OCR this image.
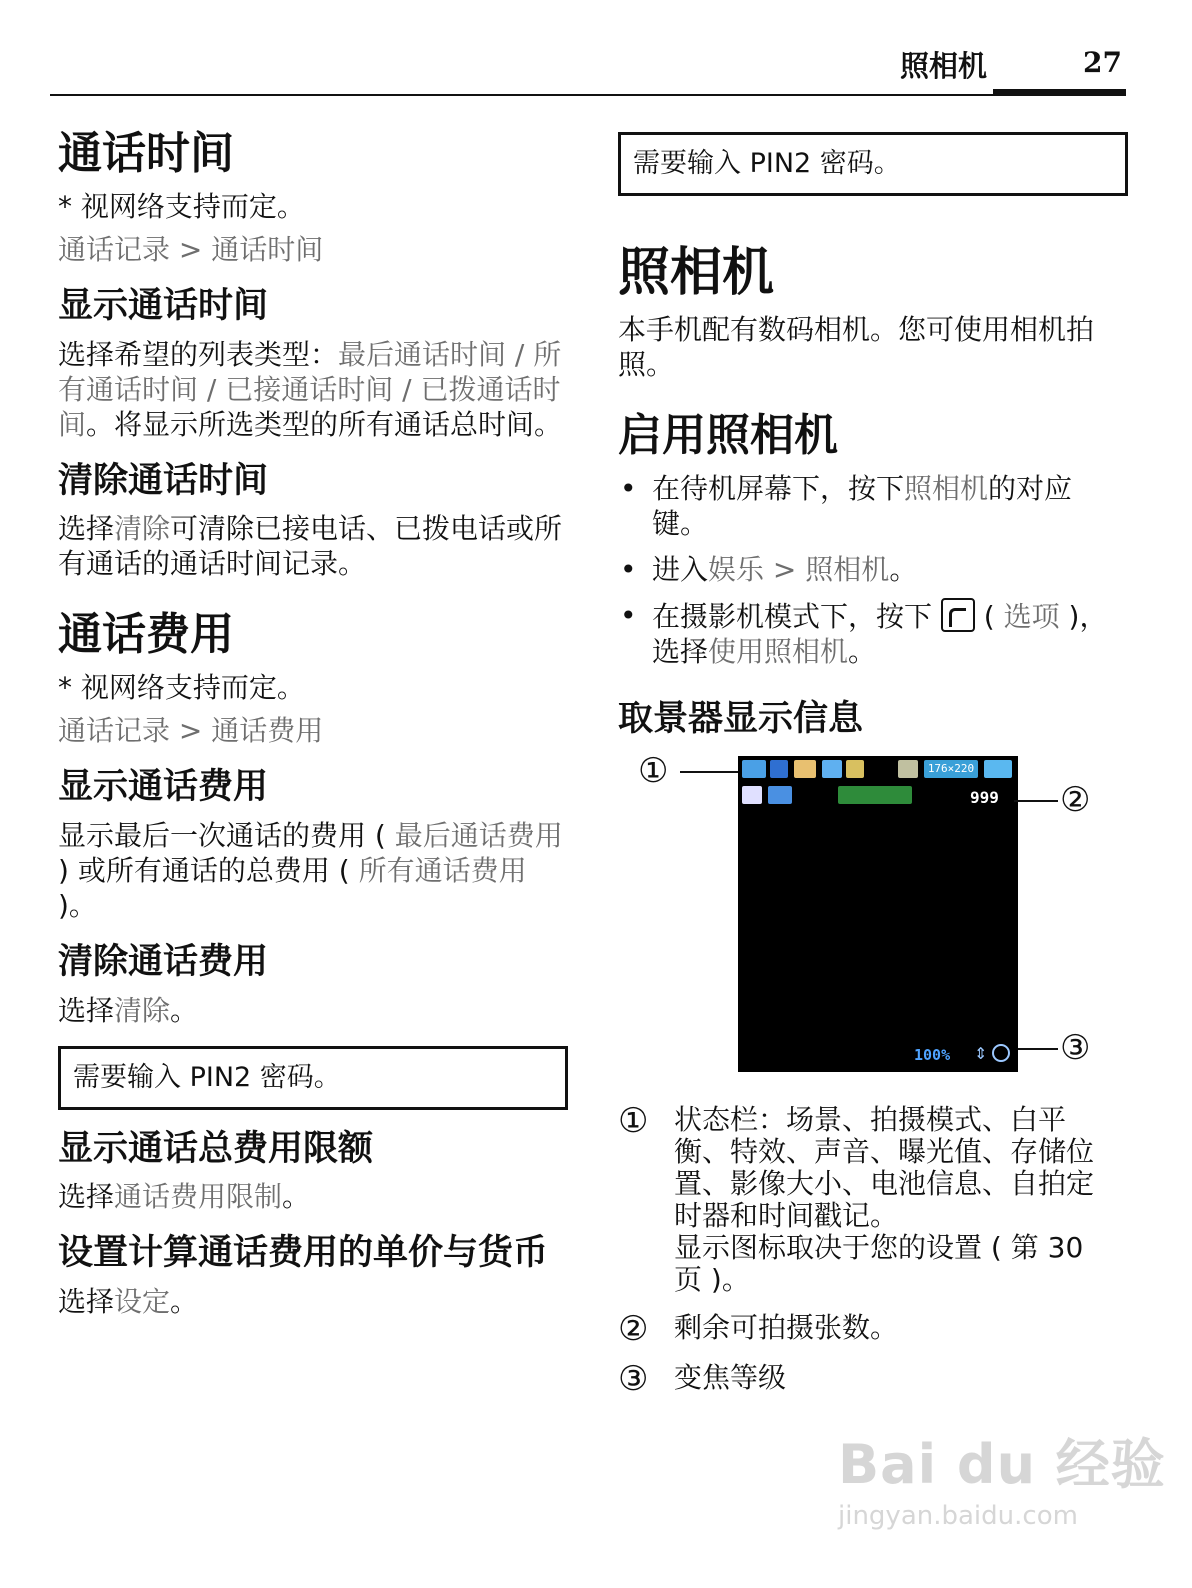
照相机	27
通话时间

* 视网络支持而定。

通话记录 > 通话时间

显示通话时间

选择希望的列表类型：最后通话时间 / 所有通话时间 / 已接通话时间 / 已拨通话时间。将显示所选类型的所有通话总时间。

清除通话时间

选择清除可清除已接电话、已拨电话或所有通话的通话时间记录。

通话费用

* 视网络支持而定。

通话记录 > 通话费用

显示通话费用

显示最后一次通话的费用 ( 最后通话费用 ) 或所有通话的总费用 ( 所有通话费用 )。

清除通话费用

选择清除。

需要输入 PIN2 密码。
显示通话总费用限额

选择通话费用限制。

设置计算通话费用的单价与货币

选择设定。

需要输入 PIN2 密码。
照相机

本手机配有数码相机。您可使用相机拍照。

启用照相机
• 在待机屏幕下，按下照相机的对应键。
• 进入娱乐 > 照相机。
• 在摄影机模式下，按下  ( 选项 )，选择使用照相机。
取景器显示信息
①	176×220
999
100% ⇕
②
③
① 状态栏：场景、拍摄模式、白平衡、特效、声音、曝光值、存储位置、影像大小、电池信息、自拍定时器和时间戳记。
显示图标取决于您的设置 ( 第 30 页 )。
② 剩余可拍摄张数。
③ 变焦等级
Bai du 经验
jingyan.baidu.com
